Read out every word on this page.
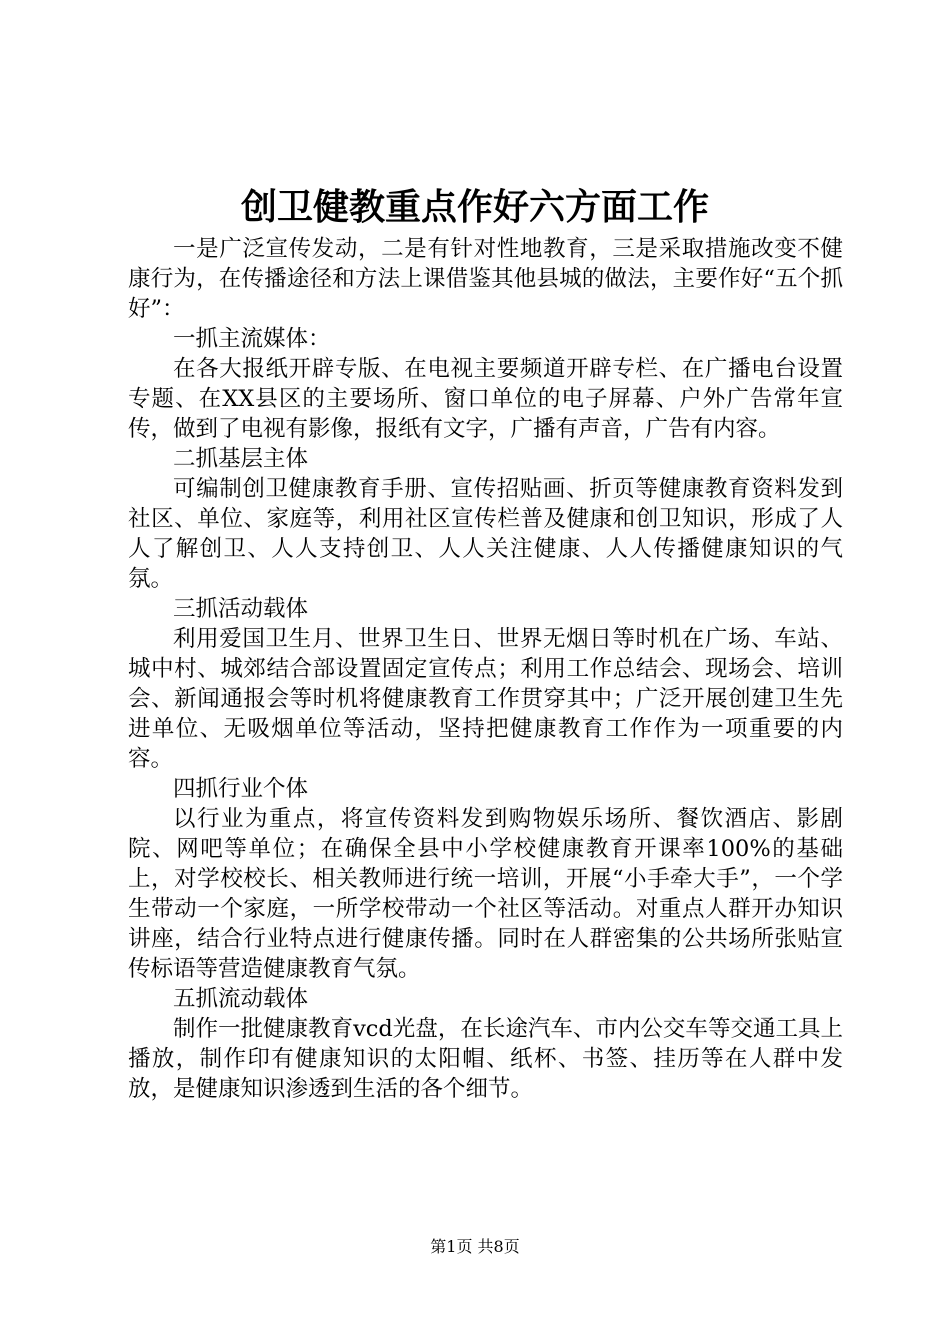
创卫健教重点作好六方面工作

一是广泛宣传发动，二是有针对性地教育，三是采取措施改变不健康行为，在传播途径和方法上课借鉴其他县城的做法，主要作好“五个抓好”：

一抓主流媒体：

在各大报纸开辟专版、在电视主要频道开辟专栏、在广播电台设置专题、在XX县区的主要场所、窗口单位的电子屏幕、户外广告常年宣传，做到了电视有影像，报纸有文字，广播有声音，广告有内容。

二抓基层主体

可编制创卫健康教育手册、宣传招贴画、折页等健康教育资料发到社区、单位、家庭等，利用社区宣传栏普及健康和创卫知识，形成了人人了解创卫、人人支持创卫、人人关注健康、人人传播健康知识的气氛。

三抓活动载体

利用爱国卫生月、世界卫生日、世界无烟日等时机在广场、车站、城中村、城郊结合部设置固定宣传点；利用工作总结会、现场会、培训会、新闻通报会等时机将健康教育工作贯穿其中；广泛开展创建卫生先进单位、无吸烟单位等活动，坚持把健康教育工作作为一项重要的内容。

四抓行业个体

以行业为重点，将宣传资料发到购物娱乐场所、餐饮酒店、影剧院、网吧等单位；在确保全县中小学校健康教育开课率100%的基础上，对学校校长、相关教师进行统一培训，开展“小手牵大手”，一个学生带动一个家庭，一所学校带动一个社区等活动。对重点人群开办知识讲座，结合行业特点进行健康传播。同时在人群密集的公共场所张贴宣传标语等营造健康教育气氛。

五抓流动载体

制作一批健康教育vcd光盘，在长途汽车、市内公交车等交通工具上播放，制作印有健康知识的太阳帽、纸杯、书签、挂历等在人群中发放，是健康知识渗透到生活的各个细节。

第1页 共8页
